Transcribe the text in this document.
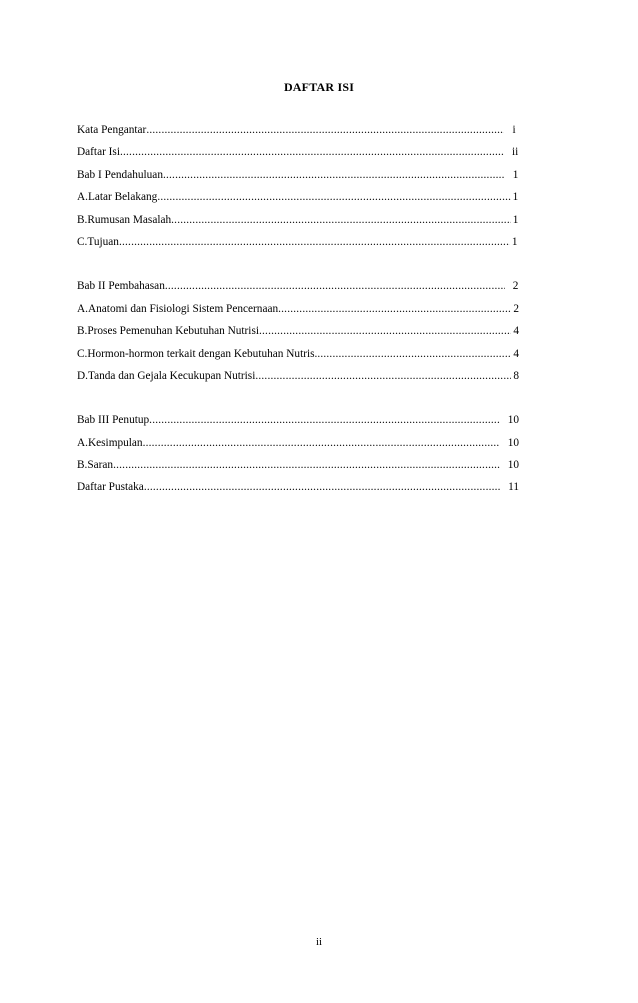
DAFTAR ISI
Kata Pengantar .....	i
Daftar Isi .....	ii
Bab I Pendahuluan .....	1
A. Latar Belakang .....	1
B. Rumusan Masalah .....	1
C. Tujuan .....	1
Bab II Pembahasan .....	2
A. Anatomi dan Fisiologi Sistem Pencernaan .....	2
B. Proses Pemenuhan Kebutuhan Nutrisi .....	4
C. Hormon-hormon terkait dengan Kebutuhan Nutris. .....	4
D. Tanda dan Gejala Kecukupan Nutrisi .....	8
Bab III Penutup .....	10
A. Kesimpulan .....	10
B. Saran .....	10
Daftar Pustaka .....	11
ii
